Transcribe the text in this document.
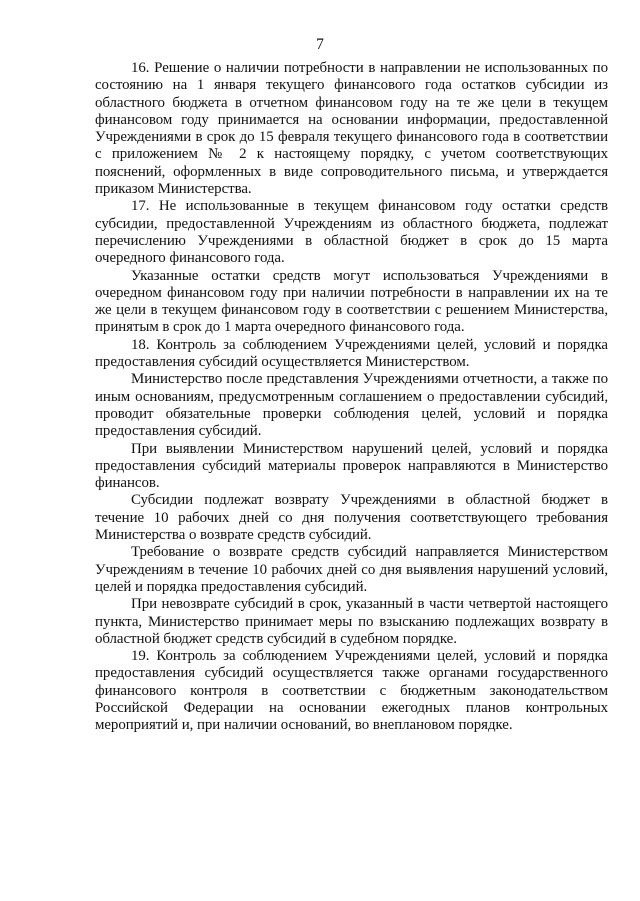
7

16. Решение о наличии потребности в направлении не использованных по состоянию на 1 января текущего финансового года остатков субсидии из областного бюджета в отчетном финансовом году на те же цели в текущем финансовом году принимается на основании информации, предоставленной Учреждениями в срок до 15 февраля текущего финансового года в соответствии с приложением № 2 к настоящему порядку, с учетом соответствующих пояснений, оформленных в виде сопроводительного письма, и утверждается приказом Министерства.

17. Не использованные в текущем финансовом году остатки средств субсидии, предоставленной Учреждениям из областного бюджета, подлежат перечислению Учреждениями в областной бюджет в срок до 15 марта очередного финансового года.

Указанные остатки средств могут использоваться Учреждениями в очередном финансовом году при наличии потребности в направлении их на те же цели в текущем финансовом году в соответствии с решением Министерства, принятым в срок до 1 марта очередного финансового года.

18. Контроль за соблюдением Учреждениями целей, условий и порядка предоставления субсидий осуществляется Министерством.

Министерство после представления Учреждениями отчетности, а также по иным основаниям, предусмотренным соглашением о предоставлении субсидий, проводит обязательные проверки соблюдения целей, условий и порядка предоставления субсидий.

При выявлении Министерством нарушений целей, условий и порядка предоставления субсидий материалы проверок направляются в Министерство финансов.

Субсидии подлежат возврату Учреждениями в областной бюджет в течение 10 рабочих дней со дня получения соответствующего требования Министерства о возврате средств субсидий.

Требование о возврате средств субсидий направляется Министерством Учреждениям в течение 10 рабочих дней со дня выявления нарушений условий, целей и порядка предоставления субсидий.

При невозврате субсидий в срок, указанный в части четвертой настоящего пункта, Министерство принимает меры по взысканию подлежащих возврату в областной бюджет средств субсидий в судебном порядке.

19. Контроль за соблюдением Учреждениями целей, условий и порядка предоставления субсидий осуществляется также органами государственного финансового контроля в соответствии с бюджетным законодательством Российской Федерации на основании ежегодных планов контрольных мероприятий и, при наличии оснований, во внеплановом порядке.
